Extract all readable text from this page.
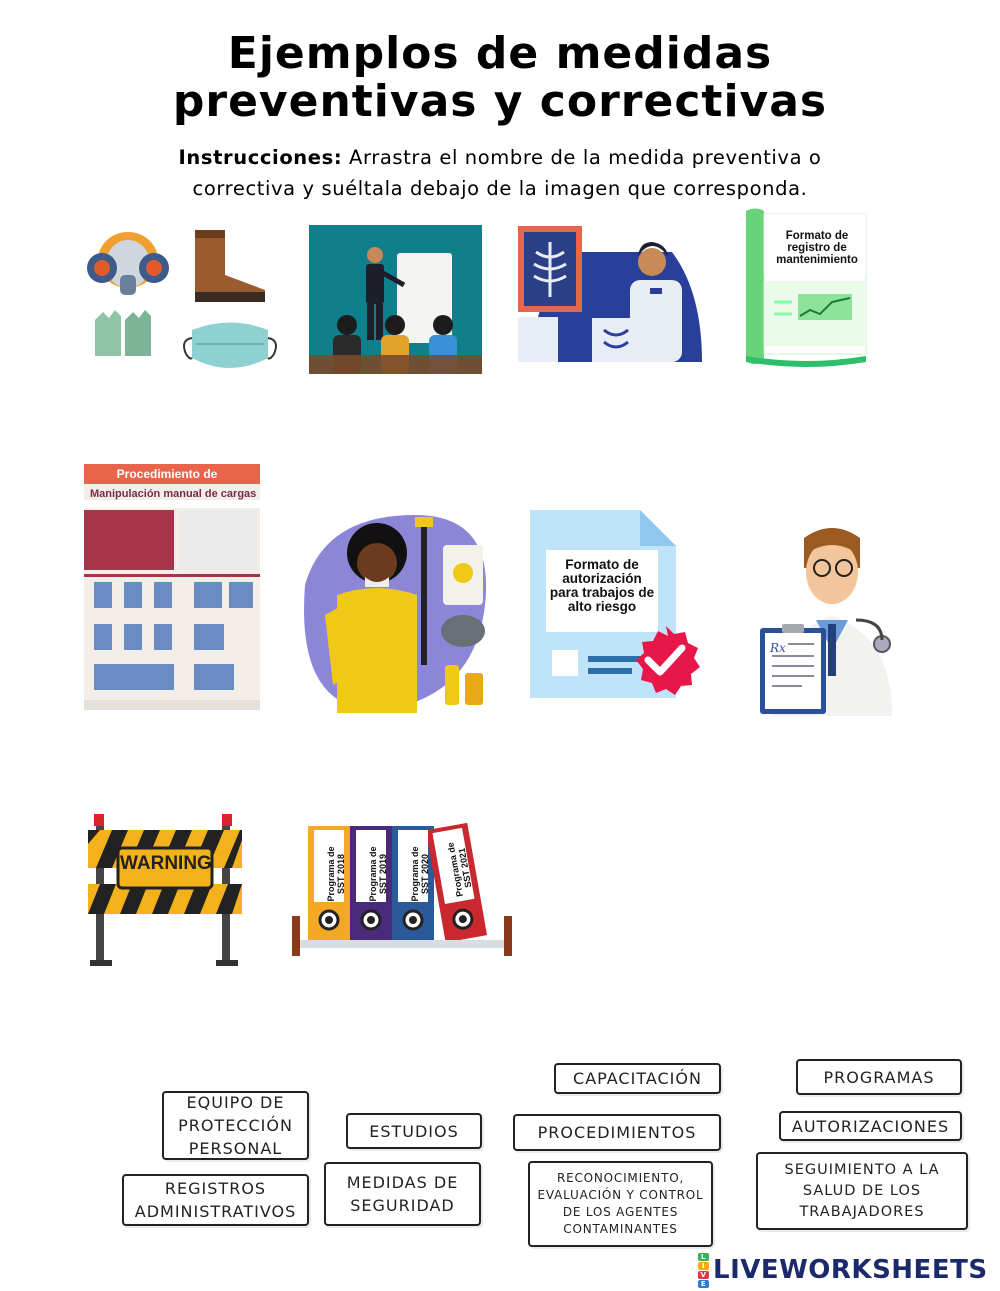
Ejemplos de medidas
preventivas y correctivas
Instrucciones: Arrastra el nombre de la medida preventiva o
correctiva y suéltala debajo de la imagen que corresponda.
Formato de registro de mantenimiento
Procedimiento de
Manipulación manual de cargas
Formato de autorización para trabajos de alto riesgo
Rx
WARNING	Programa de SST 2018	Programa de SST 2019	Programa de SST 2020	Programa de SST 2021
CAPACITACIÓN	PROGRAMAS
EQUIPO DE
PROTECCIÓN
PERSONAL
ESTUDIOS	PROCEDIMIENTOS	AUTORIZACIONES
REGISTROS
ADMINISTRATIVOS
MEDIDAS DE
SEGURIDAD
RECONOCIMIENTO,
EVALUACIÓN Y CONTROL
DE LOS AGENTES
CONTAMINANTES
SEGUIMIENTO A LA
SALUD DE LOS
TRABAJADORES
L
I
V
E LIVEWORKSHEETS
